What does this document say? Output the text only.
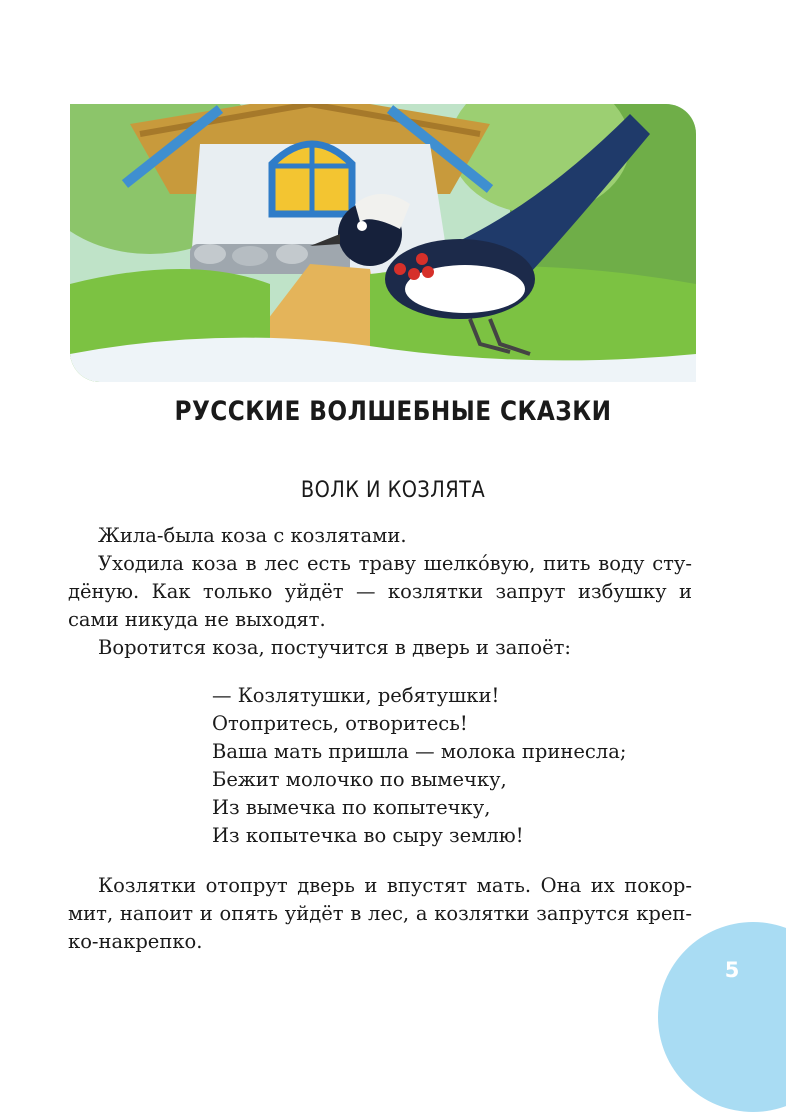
РУССКИЕ ВОЛШЕБНЫЕ СКАЗКИ
ВОЛК И КОЗЛЯТА

Жила-была коза с козлятами.

Уходила коза в лес есть траву шелкóвую, пить воду сту-

дёную. Как только уйдёт — козлятки запрут избушку и

сами никуда не выходят.

Воротится коза, постучится в дверь и запоёт:

— Козлятушки, ребятушки!
Отопритесь, отворитесь!
Ваша мать пришла — молока принесла;
Бежит молочко по вымечку,
Из вымечка по копытечку,
Из копытечка во сыру землю!

Козлятки отопрут дверь и впустят мать. Она их покор-

мит, напоит и опять уйдёт в лес, а козлятки запрутся креп-

ко-накрепко.

5
